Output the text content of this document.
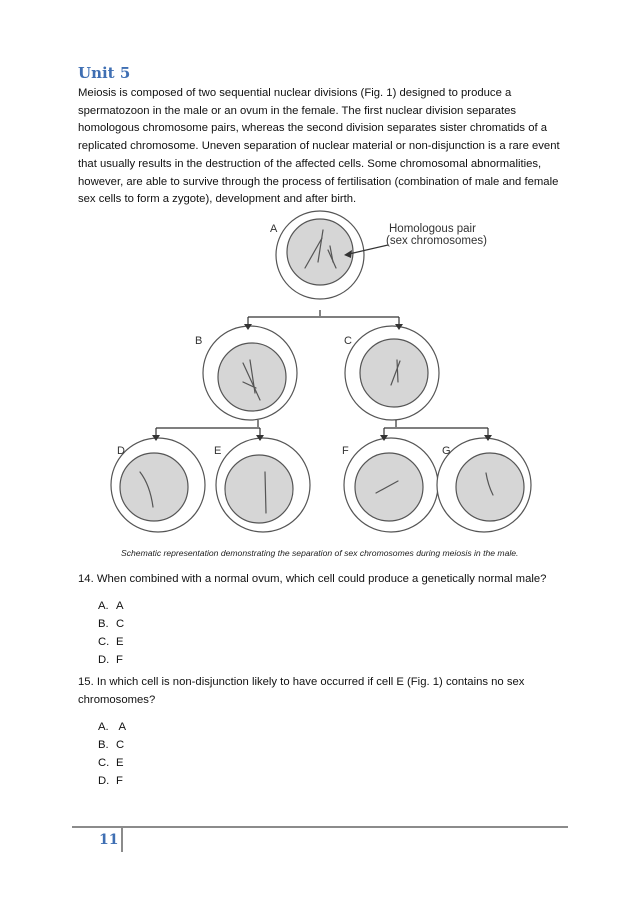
Unit 5

Meiosis is composed of two sequential nuclear divisions (Fig. 1) designed to produce a spermatozoon in the male or an ovum in the female. The first nuclear division separates homologous chromosome pairs, whereas the second division separates sister chromatids of a replicated chromosome. Uneven separation of nuclear material or non-disjunction is a rare event that usually results in the destruction of the affected cells. Some chromosomal abnormalities, however, are able to survive through the process of fertilisation (combination of male and female sex cells to form a zygote), development and after birth.

A
B	C
D	E	F	G
Homologous pair
(sex chromosomes)
Schematic representation demonstrating the separation of sex chromosomes during meiosis in the male.

14. When combined with a normal ovum, which cell could produce a genetically normal male?

A. A
B. C
C. E
D. F

15. In which cell is non-disjunction likely to have occurred if cell E (Fig. 1) contains no sex chromosomes?

A. A
B. C
C. E
D. F
11
